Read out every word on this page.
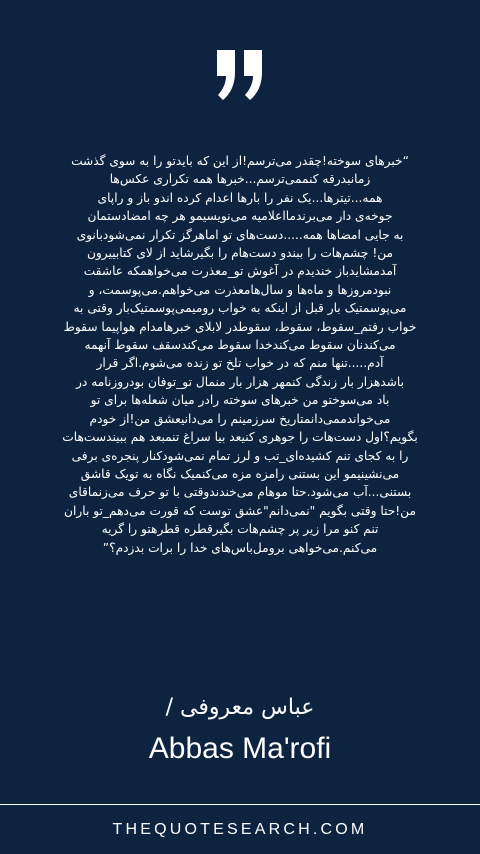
“خبرهای سوخته!چقدر می‌ترسم!از این که بایدتو را به سوی گذشت
زمانبدرقه کنممی‌ترسم...خبرها همه تکراری عکس‌ها
همه...تیترها...یک نفر را بارها اعدام کرده اندو باز و راپای
جوخه‌ی دار می‌برندمااعلامیه می‌نویسیمو هر چه امضادستمان
به جایی امضاها همه.....دست‌های تو اماهرگز تکرار نمی‌شودبانوی
من! چشم‌هات را ببندو دست‌هام را بگیرشاید از لای کتابییرون
آمدمشایدباز خندیدم در آغوش تو_معذرت می‌خواهمکه عاشقت
نبودمروزها و ماه‌ها و سال‌هامعذرت می‌خواهم.می‌پوسمت، و
می‌پوسمتیک بار قبل از اینکه به خواب رومیمی‌پوسمتیک‌بار وقتی به
خواب رفتم_سقوط، سقوط، سقوطدر لابلای خبرهامدام هواپیما سقوط
می‌کندنان سقوط می‌کندخدا سقوط می‌کندسقف سقوط آنهمه
آدم.....تنها منم که در خواب تلخ تو زنده می‌شوم.اگر قرار
باشدهزار بار زندگی کنمهر هزار بار منمال تو_توفان بودروزنامه در
باد می‌سوختو من خبرهای سوخته رادر میان شعله‌ها برای تو
می‌خواندممی‌دانمتاریخ سرزمینم را می‌دانیعشق من!از خودم
بگویم؟اول دست‌هات را جوهری کنیعد بیا سراغ تنمبعد هم ببیندست‌هات
را به کجای تنم کشیده‌ای_تب و لرز تمام نمی‌شودکنار پنجره‌ی برفی
می‌نشینیمو این بستنی رامزه مزه می‌کنمیک نگاه به تویک قاشق
بستنی...آب می‌شود.حتا موهام می‌خندندوقتی با تو حرف می‌زنماقای
من!حتا وقتی بگویم "نمی‌دانم"عشق توست که قورت می‌دهم_تو باران
تنم کنو مرا زیر پر چشم‌هات بگیرقطره قطرهتو را گریه
می‌کنم.می‌خواهی برومل‌باس‌های خدا را برات بدزدم؟”
عباس معروفی /
Abbas Ma'rofi
THEQUOTESEARCH.COM
